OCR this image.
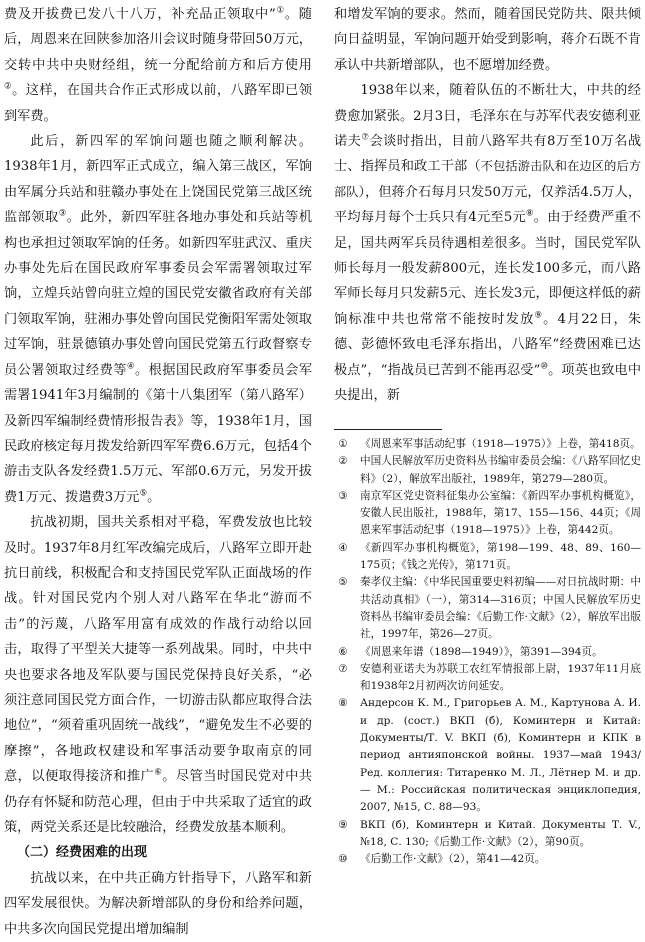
费及开拔费已发八十八万，补充品正领取中”①。随后，周恩来在回陕参加洛川会议时随身带回50万元，交转中共中央财经组，统一分配给前方和后方使用②。这样，在国共合作正式形成以前，八路军即已领到军费。

此后，新四军的军饷问题也随之顺利解决。1938年1月，新四军正式成立，编入第三战区，军饷由军属分兵站和驻赣办事处在上饶国民党第三战区统监部领取③。此外，新四军驻各地办事处和兵站等机构也承担过领取军饷的任务。如新四军驻武汉、重庆办事处先后在国民政府军事委员会军需署领取过军饷，立煌兵站曾向驻立煌的国民党安徽省政府有关部门领取军饷，驻湘办事处曾向国民党衡阳军需处领取过军饷，驻景德镇办事处曾向国民党第五行政督察专员公署领取过经费等④。根据国民政府军事委员会军需署1941年3月编制的《第十八集团军（第八路军）及新四军编制经费情形报告表》等，1938年1月，国民政府核定每月拨发给新四军军费6.6万元，包括4个游击支队各发经费1.5万元、军部0.6万元，另发开拔费1万元、拨遣费3万元⑤。

抗战初期，国共关系相对平稳，军费发放也比较及时。1937年8月红军改编完成后，八路军立即开赴抗日前线，积极配合和支持国民党军队正面战场的作战。针对国民党内个别人对八路军在华北“游而不击”的污蔑，八路军用富有成效的作战行动给以回击，取得了平型关大捷等一系列战果。同时，中共中央也要求各地及军队要与国民党保持良好关系，“必须注意同国民党方面合作，一切游击队都应取得合法地位”，“须着重巩固统一战线”，“避免发生不必要的摩擦”，各地政权建设和军事活动要争取南京的同意，以便取得接济和推广⑥。尽管当时国民党对中共仍存有怀疑和防范心理，但由于中共采取了适宜的政策，两党关系还是比较融洽，经费发放基本顺利。

（二）经费困难的出现

抗战以来，在中共正确方针指导下，八路军和新四军发展很快。为解决新增部队的身份和给养问题，中共多次向国民党提出增加编制

和增发军饷的要求。然而，随着国民党防共、限共倾向日益明显，军饷问题开始受到影响，蒋介石既不肯承认中共新增部队，也不愿增加经费。

1938年以来，随着队伍的不断壮大，中共的经费愈加紧张。2月3日，毛泽东在与苏军代表安德利亚诺夫⑦会谈时指出，目前八路军共有8万至10万名战士、指挥员和政工干部（不包括游击队和在边区的后方部队），但蒋介石每月只发50万元，仅养活4.5万人，平均每月每个士兵只有4元至5元⑧。由于经费严重不足，国共两军兵员待遇相差很多。当时，国民党军队师长每月一般发薪800元，连长发100多元，而八路军师长每月只发薪5元、连长发3元，即便这样低的薪饷标准中共也常常不能按时发放⑨。4月22日，朱德、彭德怀致电毛泽东指出，八路军“经费困难已达极点”，“指战员已苦到不能再忍受”⑩。项英也致电中央提出，新

①	《周恩来军事活动纪事（1918—1975）》上卷，第418页。
②	中国人民解放军历史资料丛书编审委员会编：《八路军回忆史料》（2），解放军出版社，1989年，第279—280页。
③	南京军区党史资料征集办公室编：《新四军办事机构概览》，安徽人民出版社，1988年，第17、155—156、44页；《周恩来军事活动纪事（1918—1975）》上卷，第442页。
④	《新四军办事机构概览》，第198—199、48、89、160—175页；《钱之光传》，第171页。
⑤	秦孝仪主编：《中华民国重要史料初编——对日抗战时期：中共活动真相》（一），第314—316页；中国人民解放军历史资料丛书编审委员会编：《后勤工作·文献》（2），解放军出版社，1997年，第26—27页。
⑥	《周恩来年谱（1898—1949）》，第391—394页。
⑦	安德利亚诺夫为苏联工农红军情报部上尉，1937年11月底和1938年2月初两次访问延安。
⑧	Андерсон К. М., Григорьев А. М., Картунова А. И. и др. (сост.) ВКП (б), Коминтерн и Китай: Документы/Т. V. ВКП (б), Коминтерн и КПК в период антияпонской войны. 1937—май 1943/Ред. коллегия: Титаренко М. Л., Лётнер М. и др. — М.: Российская политическая энциклопедия, 2007, №15, С. 88—93。
⑨	ВКП (б), Коминтерн и Китай. Документы Т. V., №18, С. 130;《后勤工作·文献》（2），第90页。
⑩	《后勤工作·文献》（2），第41—42页。
